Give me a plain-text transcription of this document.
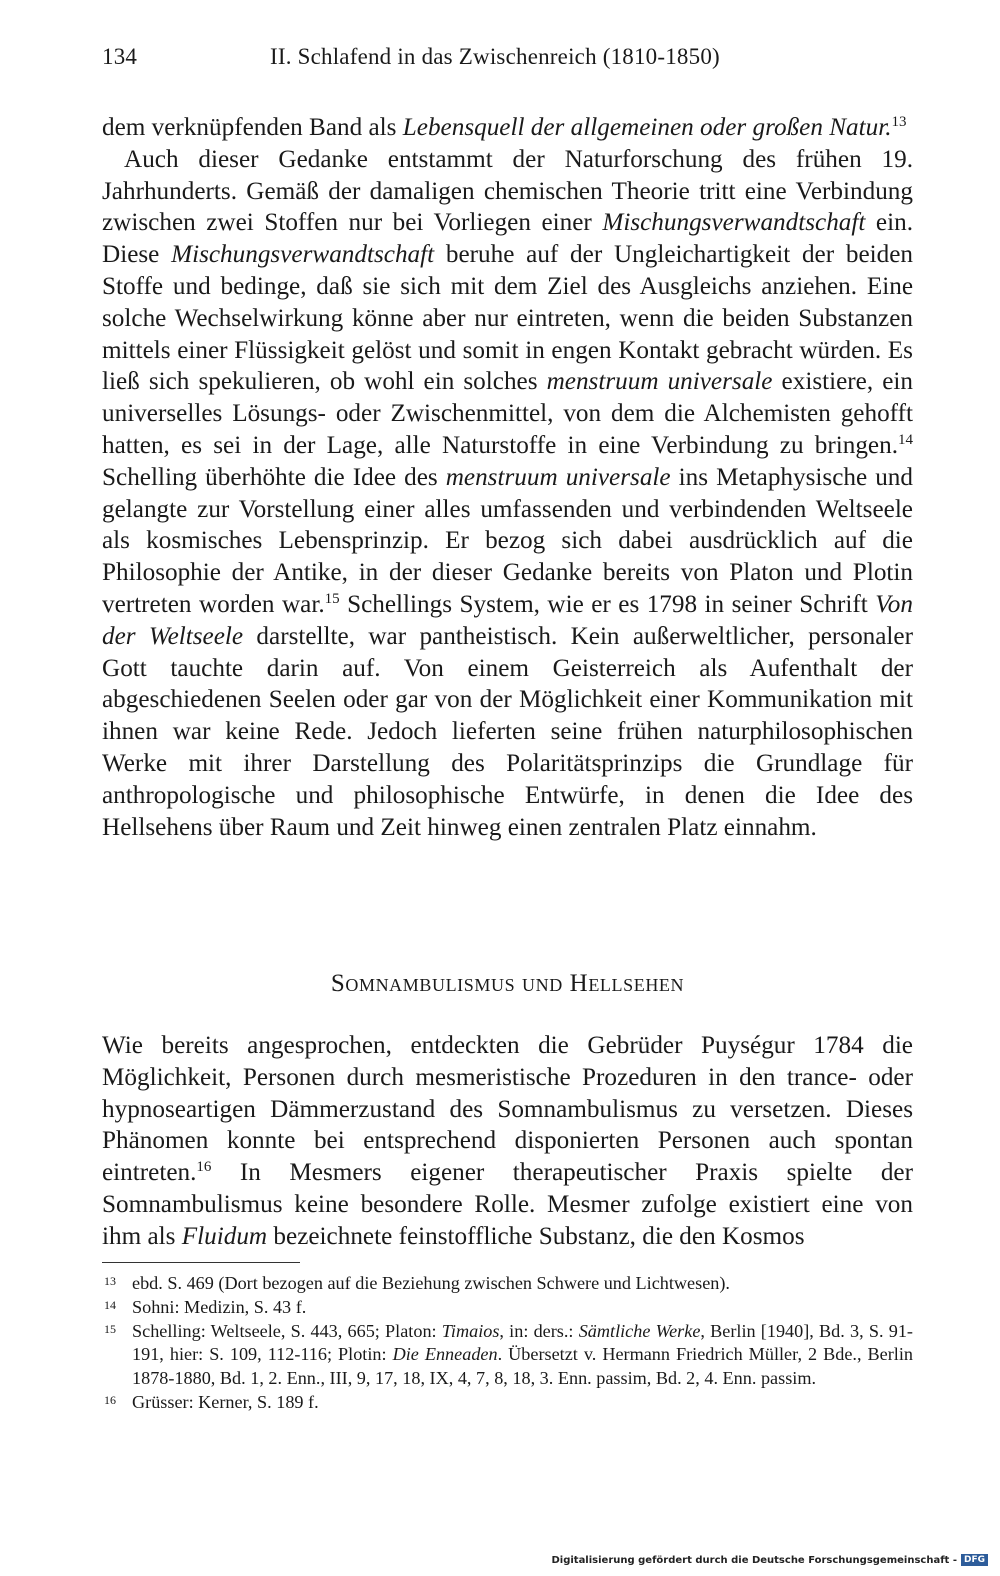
134	II. Schlafend in das Zwischenreich (1810-1850)

dem verknüpfenden Band als Lebensquell der allgemeinen oder großen Natur.$^{13}$

Auch dieser Gedanke entstammt der Naturforschung des frühen 19. Jahrhunderts. Gemäß der damaligen chemischen Theorie tritt eine Verbindung zwischen zwei Stoffen nur bei Vorliegen einer Mischungsverwandtschaft ein. Diese Mischungsverwandtschaft beruhe auf der Ungleichartigkeit der beiden Stoffe und bedinge, daß sie sich mit dem Ziel des Ausgleichs anziehen. Eine solche Wechselwirkung könne aber nur eintreten, wenn die beiden Substanzen mittels einer Flüssigkeit gelöst und somit in engen Kontakt gebracht würden. Es ließ sich spekulieren, ob wohl ein solches menstruum universale existiere, ein universelles Lösungs- oder Zwischenmittel, von dem die Alchemisten gehofft hatten, es sei in der Lage, alle Naturstoffe in eine Verbindung zu bringen.$^{14}$ Schelling überhöhte die Idee des menstruum universale ins Metaphysische und gelangte zur Vorstellung einer alles umfassenden und verbindenden Weltseele als kosmisches Lebensprinzip. Er bezog sich dabei ausdrücklich auf die Philosophie der Antike, in der dieser Gedanke bereits von Platon und Plotin vertreten worden war.$^{15}$ Schellings System, wie er es 1798 in seiner Schrift Von der Weltseele darstellte, war pantheistisch. Kein außerweltlicher, personaler Gott tauchte darin auf. Von einem Geisterreich als Aufenthalt der abgeschiedenen Seelen oder gar von der Möglichkeit einer Kommunikation mit ihnen war keine Rede. Jedoch lieferten seine frühen naturphilosophischen Werke mit ihrer Darstellung des Polaritätsprinzips die Grundlage für anthropologische und philosophische Entwürfe, in denen die Idee des Hellsehens über Raum und Zeit hinweg einen zentralen Platz einnahm.

Somnambulismus und Hellsehen

Wie bereits angesprochen, entdeckten die Gebrüder Puységur 1784 die Möglichkeit, Personen durch mesmeristische Prozeduren in den trance- oder hypnoseartigen Dämmerzustand des Somnambulismus zu versetzen. Dieses Phänomen konnte bei entsprechend disponierten Personen auch spontan eintreten.$^{16}$ In Mesmers eigener therapeutischer Praxis spielte der Somnambulismus keine besondere Rolle. Mesmer zufolge existiert eine von ihm als Fluidum bezeichnete feinstoffliche Substanz, die den Kosmos

13 ebd. S. 469 (Dort bezogen auf die Beziehung zwischen Schwere und Lichtwesen).
14 Sohni: Medizin, S. 43 f.
15 Schelling: Weltseele, S. 443, 665; Platon: Timaios, in: ders.: Sämtliche Werke, Berlin [1940], Bd. 3, S. 91-191, hier: S. 109, 112-116; Plotin: Die Enneaden. Übersetzt v. Hermann Friedrich Müller, 2 Bde., Berlin 1878-1880, Bd. 1, 2. Enn., III, 9, 17, 18, IX, 4, 7, 8, 18, 3. Enn. passim, Bd. 2, 4. Enn. passim.
16 Grüsser: Kerner, S. 189 f.
Digitalisierung gefördert durch die Deutsche Forschungsgemeinschaft - DFG
